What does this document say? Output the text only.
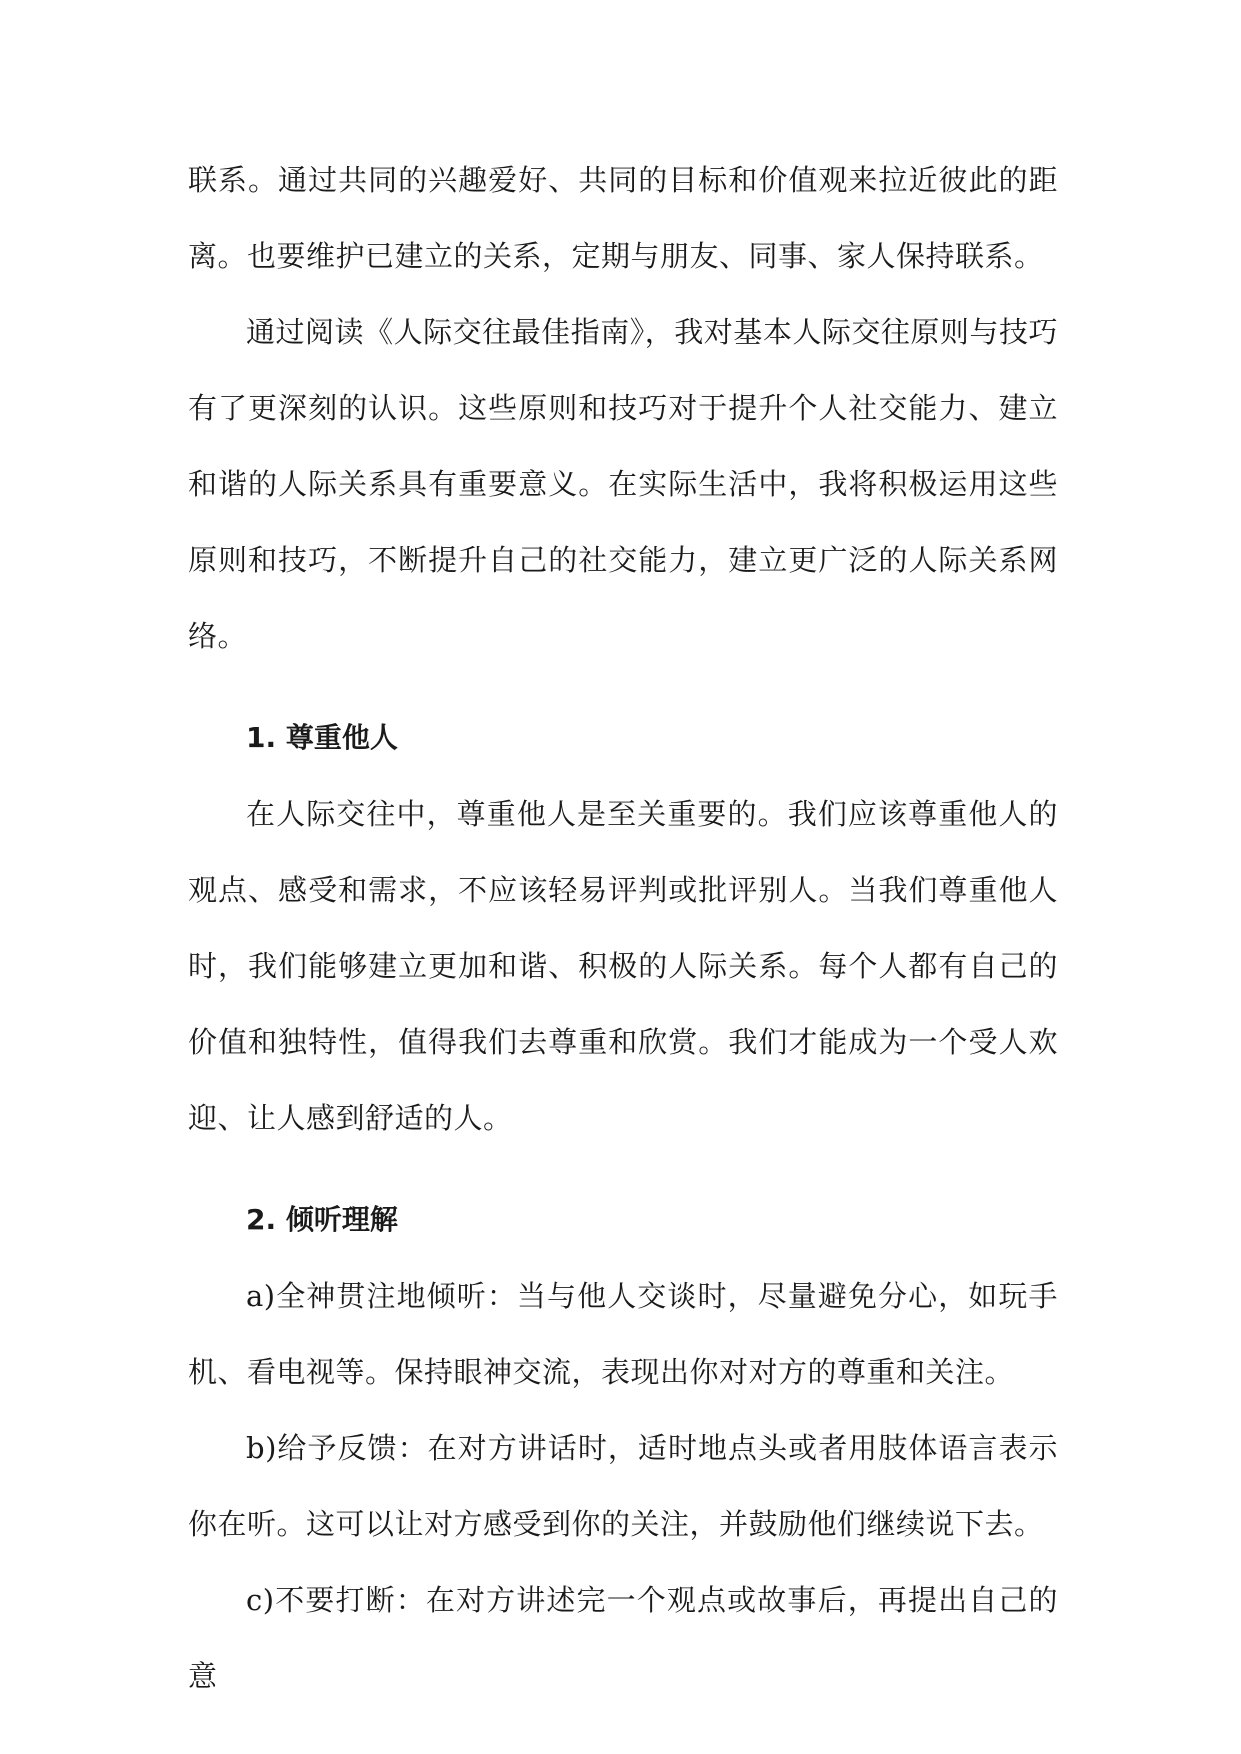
联系。通过共同的兴趣爱好、共同的目标和价值观来拉近彼此的距离。也要维护已建立的关系，定期与朋友、同事、家人保持联系。

通过阅读《人际交往最佳指南》，我对基本人际交往原则与技巧有了更深刻的认识。这些原则和技巧对于提升个人社交能力、建立和谐的人际关系具有重要意义。在实际生活中，我将积极运用这些原则和技巧，不断提升自己的社交能力，建立更广泛的人际关系网络。

1. 尊重他人

在人际交往中，尊重他人是至关重要的。我们应该尊重他人的观点、感受和需求，不应该轻易评判或批评别人。当我们尊重他人时，我们能够建立更加和谐、积极的人际关系。每个人都有自己的价值和独特性，值得我们去尊重和欣赏。我们才能成为一个受人欢迎、让人感到舒适的人。

2. 倾听理解

a)全神贯注地倾听：当与他人交谈时，尽量避免分心，如玩手机、看电视等。保持眼神交流，表现出你对对方的尊重和关注。

b)给予反馈：在对方讲话时，适时地点头或者用肢体语言表示你在听。这可以让对方感受到你的关注，并鼓励他们继续说下去。

c)不要打断：在对方讲述完一个观点或故事后，再提出自己的意
